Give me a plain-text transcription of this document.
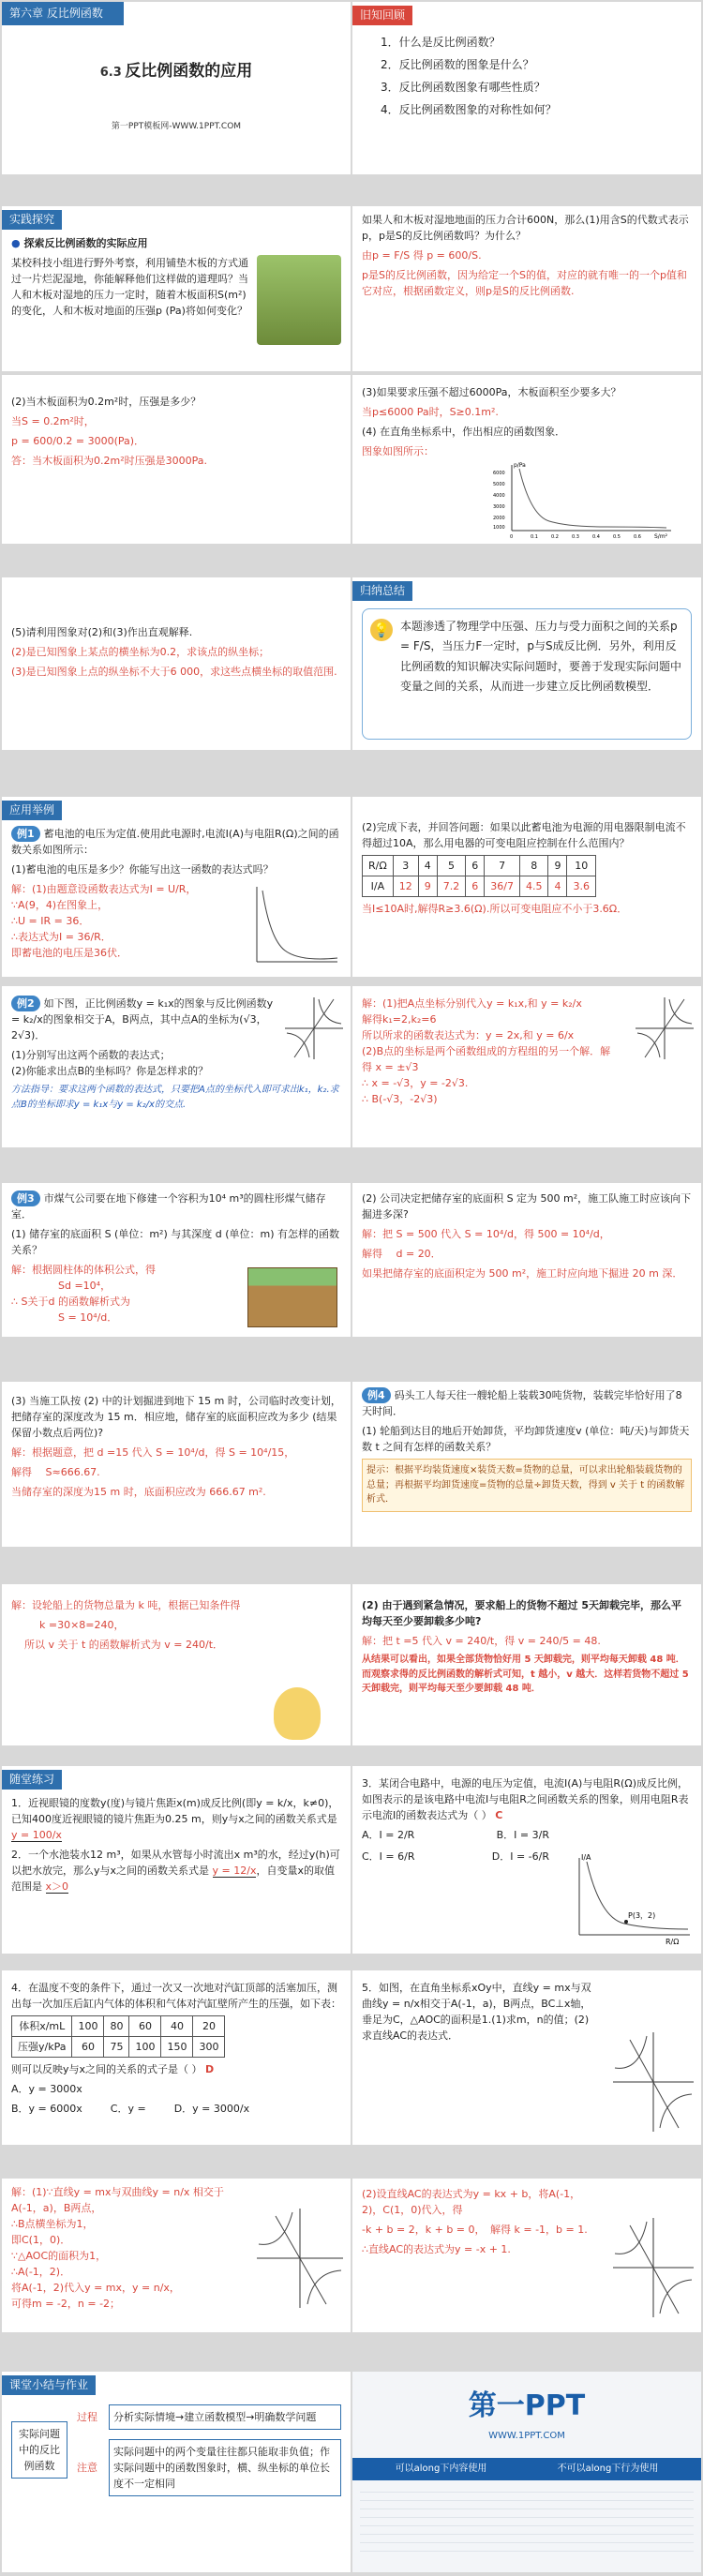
第六章 反比例函数
6.3 反比例函数的应用
第一PPT模板网-WWW.1PPT.COM
旧知回顾
1．什么是反比例函数？
2．反比例函数的图象是什么？
3．反比例函数图象有哪些性质？
4．反比例函数图象的对称性如何？
实践探究
● 探索反比例函数的实际应用
某校科技小组进行野外考察，利用铺垫木板的方式通过一片烂泥湿地，你能解释他们这样做的道理吗？当人和木板对湿地的压力一定时，随着木板面积S(m²)的变化，人和木板对地面的压强p (Pa)将如何变化？
如果人和木板对湿地地面的压力合计600N，那么(1)用含S的代数式表示p，p是S的反比例函数吗？为什么？
由p = F/S 得 p = 600/S.
p是S的反比例函数，因为给定一个S的值，对应的就有唯一的一个p值和它对应，根据函数定义，则p是S的反比例函数.
(2)当木板面积为0.2m²时，压强是多少？
当S = 0.2m²时，
p = 600/0.2 = 3000(Pa)．
答：当木板面积为0.2m²时压强是3000Pa.
(3)如果要求压强不超过6000Pa，木板面积至少要多大？
当p≤6000 Pa时，S≥0.1m².
(4) 在直角坐标系中，作出相应的函数图象．
图象如图所示：
p/Pa
S/m²
6000
5000
4000
3000
2000
1000
0	0.1	0.2	0.3	0.4	0.5	0.6
(5)请利用图象对(2)和(3)作出直观解释.
(2)是已知图象上某点的横坐标为0.2，求该点的纵坐标；
(3)是已知图象上点的纵坐标不大于6 000，求这些点横坐标的取值范围.
归纳总结
💡 本题渗透了物理学中压强、压力与受力面积之间的关系p = F/S，当压力F一定时，p与S成反比例．另外，利用反比例函数的知识解决实际问题时，要善于发现实际问题中变量之间的关系，从而进一步建立反比例函数模型．
应用举例
例1 蓄电池的电压为定值.使用此电源时,电流I(A)与电阻R(Ω)之间的函数关系如图所示：
(1)蓄电池的电压是多少？你能写出这一函数的表达式吗？
解：(1)由题意设函数表达式为I = U/R，
∵A(9，4)在图象上，
∴U = IR = 36．
∴表达式为I = 36/R．
即蓄电池的电压是36伏．
(2)完成下表，并回答问题：如果以此蓄电池为电源的用电器限制电流不得超过10A，那么用电器的可变电阻应控制在什么范围内？
R/Ω	3	4	5	6	7	8	9	10
I/A	12	9	7.2	6	36/7	4.5	4	3.6
当I≤10A时,解得R≥3.6(Ω).所以可变电阻应不小于3.6Ω．
例2 如下图，正比例函数y = k₁x的图象与反比例函数y = k₂/x的图象相交于A，B两点，其中点A的坐标为(√3，2√3)．
(1)分别写出这两个函数的表达式；
(2)你能求出点B的坐标吗？你是怎样求的？
方法指导：要求这两个函数的表达式，只要把A点的坐标代入即可求出k₁，k₂.求点B的坐标即求y = k₁x与y = k₂/x的交点.
解：(1)把A点坐标分别代入y = k₁x,和 y = k₂/x
解得k₁=2,k₂=6
所以所求的函数表达式为：y = 2x,和 y = 6/x
(2)B点的坐标是两个函数组成的方程组的另一个解．解得 x = ±√3
∴ x = -√3，y = -2√3.
∴ B(-√3，-2√3)
例3 市煤气公司要在地下修建一个容积为10⁴ m³的圆柱形煤气储存室．
(1) 储存室的底面积 S (单位：m²) 与其深度 d (单位：m) 有怎样的函数关系？
解：根据圆柱体的体积公式，得
Sd =10⁴，
∴ S关于d 的函数解析式为
S = 10⁴/d．
(2) 公司决定把储存室的底面积 S 定为 500 m²，施工队施工时应该向下掘进多深?
解：把 S = 500 代入 S = 10⁴/d，得 500 = 10⁴/d，
解得　 d = 20．
如果把储存室的底面积定为 500 m²，施工时应向地下掘进 20 m 深．
(3) 当施工队按 (2) 中的计划掘进到地下 15 m 时，公司临时改变计划，把储存室的深度改为 15 m．相应地，储存室的底面积应改为多少 (结果保留小数点后两位)?
解：根据题意，把 d =15 代入 S = 10⁴/d，得 S = 10⁴/15，
解得　 S≈666.67.
当储存室的深度为15 m 时，底面积应改为 666.67 m².
例4 码头工人每天往一艘轮船上装载30吨货物，装载完毕恰好用了8天时间．
(1) 轮船到达目的地后开始卸货，平均卸货速度v (单位：吨/天)与卸货天数 t 之间有怎样的函数关系？
提示：根据平均装货速度×装货天数=货物的总量，可以求出轮船装载货物的总量；再根据平均卸货速度=货物的总量÷卸货天数，得到 v 关于 t 的函数解析式．
解：设轮船上的货物总量为 k 吨，根据已知条件得
k =30×8=240，
所以 v 关于 t 的函数解析式为 v = 240/t．
(2) 由于遇到紧急情况，要求船上的货物不超过 5天卸载完毕，那么平均每天至少要卸载多少吨?
解：把 t =5 代入 v = 240/t，得 v = 240/5 = 48.
从结果可以看出，如果全部货物恰好用 5 天卸载完，则平均每天卸载 48 吨．而观察求得的反比例函数的解析式可知，t 越小，v 越大．这样若货物不超过 5 天卸载完，则平均每天至少要卸载 48 吨．
随堂练习
1．近视眼镜的度数y(度)与镜片焦距x(m)成反比例(即y = k/x，k≠0)，已知400度近视眼镜的镜片焦距为0.25 m，则y与x之间的函数关系式是 y = 100/x
2．一个水池装水12 m³，如果从水管每小时流出x m³的水，经过y(h)可以把水放完，那么y与x之间的函数关系式是 y = 12/x，自变量x的取值范围是 x＞0
3．某闭合电路中，电源的电压为定值，电流I(A)与电阻R(Ω)成反比例，如图表示的是该电路中电流I与电阻R之间函数关系的图象，则用电阻R表示电流I的函数表达式为（ ） C
A．I = 2/R	B．I = 3/R
C．I = 6/R	D．I = -6/R
P(3，2)
I/A
R/Ω
4．在温度不变的条件下，通过一次又一次地对汽缸顶部的活塞加压，测出每一次加压后缸内气体的体积和气体对汽缸壁所产生的压强，如下表：
体积x/mL	100	80	60	40	20
压强y/kPa	60	75	100	150	300
则可以反映y与x之间的关系的式子是（ ） D
A．y = 3000x
B．y = 6000x	C．y =	D．y = 3000/x
5．如图，在直角坐标系xOy中，直线y = mx与双曲线y = n/x相交于A(-1，a)，B两点，BC⊥x轴，垂足为C，△AOC的面积是1.(1)求m，n的值；(2)求直线AC的表达式．
解：(1)∵直线y = mx与双曲线y = n/x 相交于A(-1，a)，B两点，
∴B点横坐标为1，
即C(1，0)．
∵△AOC的面积为1，
∴A(-1，2)．
将A(-1，2)代入y = mx，y = n/x，
可得m = -2，n = -2；
(2)设直线AC的表达式为y = kx + b，将A(-1，2)，C(1，0)代入，得
-k + b = 2，k + b = 0，　解得 k = -1，b = 1.
∴直线AC的表达式为y = -x + 1.
课堂小结与作业
实际问题中的反比例函数
过程	分析实际情境→建立函数模型→明确数学问题
注意
实际问题中的两个变量往往都只能取非负值；作实际问题中的函数图象时，横、纵坐标的单位长度不一定相同
第一PPT
WWW.1PPT.COM
可以along下内容使用	不可以along下行为使用
